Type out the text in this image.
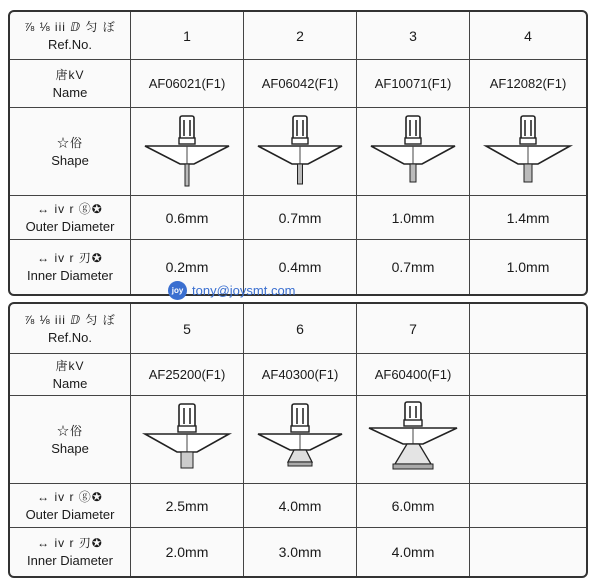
⅞ ⅛ iii ⅅ 匀 ぼ
Ref.No.
1	2	3	4
唐kV
Name
AF06021(F1)	AF06042(F1)	AF10071(F1)	AF12082(F1)
☆俗
Shape
↔ iv r ⓖ✪
Outer Diameter
0.6mm	0.7mm	1.0mm	1.4mm
↔ iv r 刃✪
Inner Diameter
0.2mm	0.4mm	0.7mm	1.0mm
joy tony@joysmt.com
⅞ ⅛ iii ⅅ 匀 ぼ
Ref.No.
5	6	7
唐kV
Name
AF25200(F1)	AF40300(F1)	AF60400(F1)
☆俗
Shape
↔ iv r ⓖ✪
Outer Diameter
2.5mm	4.0mm	6.0mm
↔ iv r 刃✪
Inner Diameter
2.0mm	3.0mm	4.0mm
